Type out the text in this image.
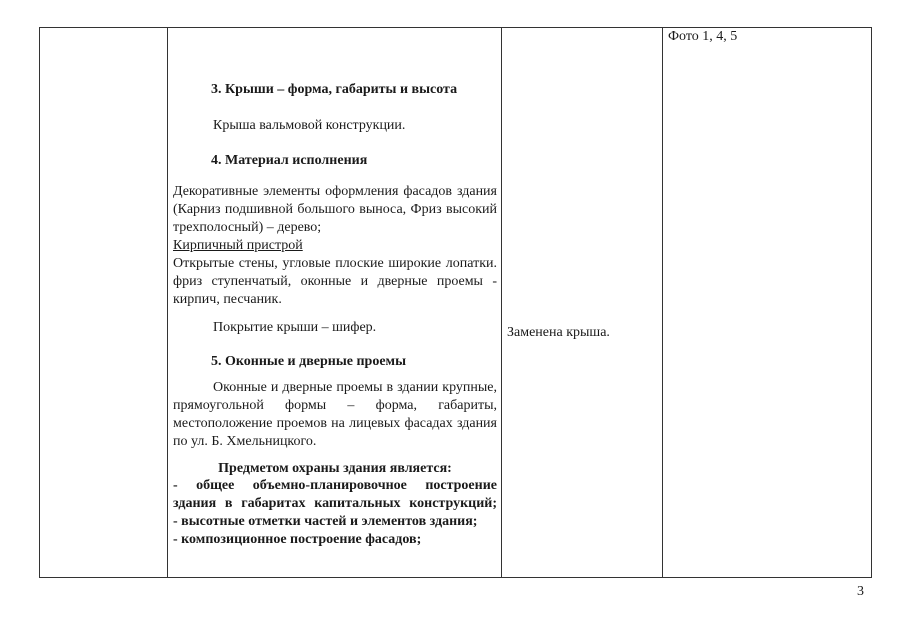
3. Крыши – форма, габариты и высота
Крыша вальмовой конструкции.
4. Материал исполнения
Декоративные элементы оформления фасадов здания (Карниз подшивной большого выноса, Фриз высокий трехполосный) – дерево;
Кирпичный пристрой
Открытые стены, угловые плоские широкие лопатки. фриз ступенчатый, оконные и дверные проемы - кирпич, песчаник.
Покрытие крыши – шифер.
5. Оконные и дверные проемы
Оконные и дверные проемы в здании крупные, прямоугольной формы – форма, габариты, местоположение проемов на лицевых фасадах здания по ул. Б. Хмельницкого.
Предметом охраны здания является:
- общее объемно-планировочное построение здания в габаритах капитальных конструкций;
- высотные отметки частей и элементов здания;
- композиционное построение фасадов;
Заменена крыша.
Фото 1, 4, 5
3
